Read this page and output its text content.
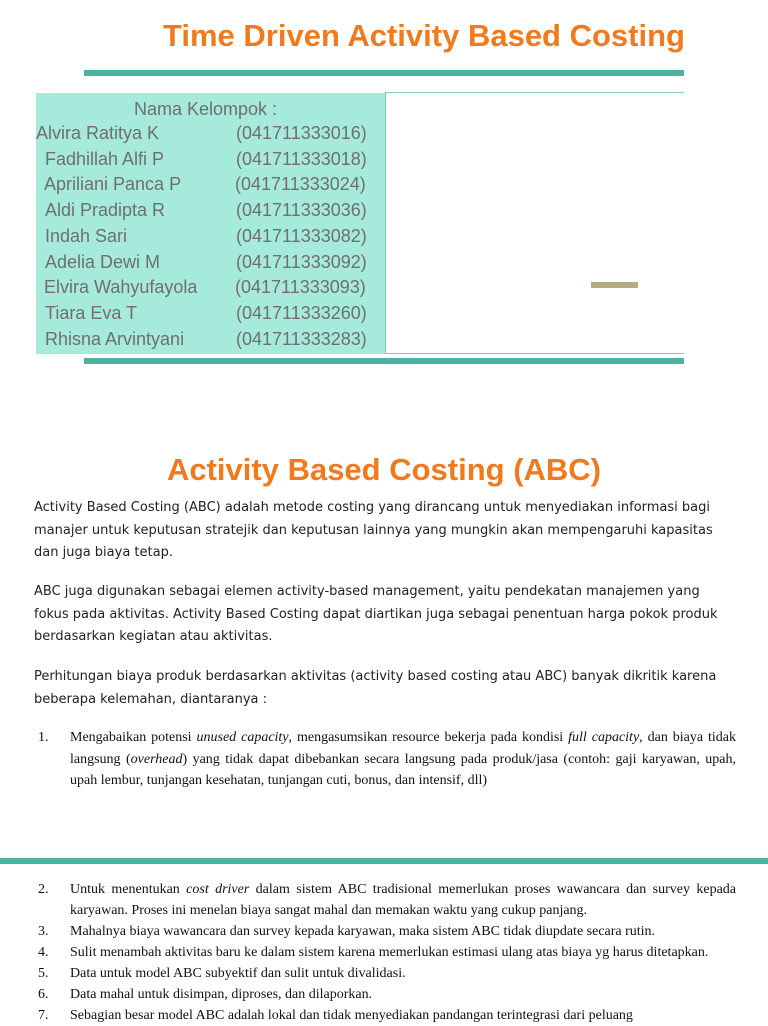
Time Driven Activity Based Costing
Nama Kelompok :
Alvira Ratitya K	(041711333016)
Fadhillah Alfi P	(041711333018)
Apriliani Panca P	(041711333024)
Aldi Pradipta R	(041711333036)
Indah Sari	(041711333082)
Adelia Dewi M	(041711333092)
Elvira Wahyufayola (041711333093)
Tiara Eva T	(041711333260)
Rhisna Arvintyani	(041711333283)
Activity Based Costing (ABC)
Activity Based Costing (ABC) adalah metode costing yang dirancang untuk menyediakan informasi bagi manajer untuk keputusan stratejik dan keputusan lainnya yang mungkin akan mempengaruhi kapasitas dan juga biaya tetap.
ABC juga digunakan sebagai elemen activity-based management, yaitu pendekatan manajemen yang fokus pada aktivitas. Activity Based Costing dapat diartikan juga sebagai penentuan harga pokok produk berdasarkan kegiatan atau aktivitas.
Perhitungan biaya produk berdasarkan aktivitas (activity based costing atau ABC) banyak dikritik karena beberapa kelemahan, diantaranya :
1. Mengabaikan potensi unused capacity, mengasumsikan resource bekerja pada kondisi full capacity, dan biaya tidak langsung (overhead) yang tidak dapat dibebankan secara langsung pada produk/jasa (contoh: gaji karyawan, upah, upah lembur, tunjangan kesehatan, tunjangan cuti, bonus, dan intensif, dll)
2. Untuk menentukan cost driver dalam sistem ABC tradisional memerlukan proses wawancara dan survey kepada karyawan. Proses ini menelan biaya sangat mahal dan memakan waktu yang cukup panjang.
3. Mahalnya biaya wawancara dan survey kepada karyawan, maka sistem ABC tidak diupdate secara rutin.
4. Sulit menambah aktivitas baru ke dalam sistem karena memerlukan estimasi ulang atas biaya yg harus ditetapkan.
5. Data untuk model ABC subyektif dan sulit untuk divalidasi.
6. Data mahal untuk disimpan, diproses, dan dilaporkan.
7. Sebagian besar model ABC adalah lokal dan tidak menyediakan pandangan terintegrasi dari peluang
